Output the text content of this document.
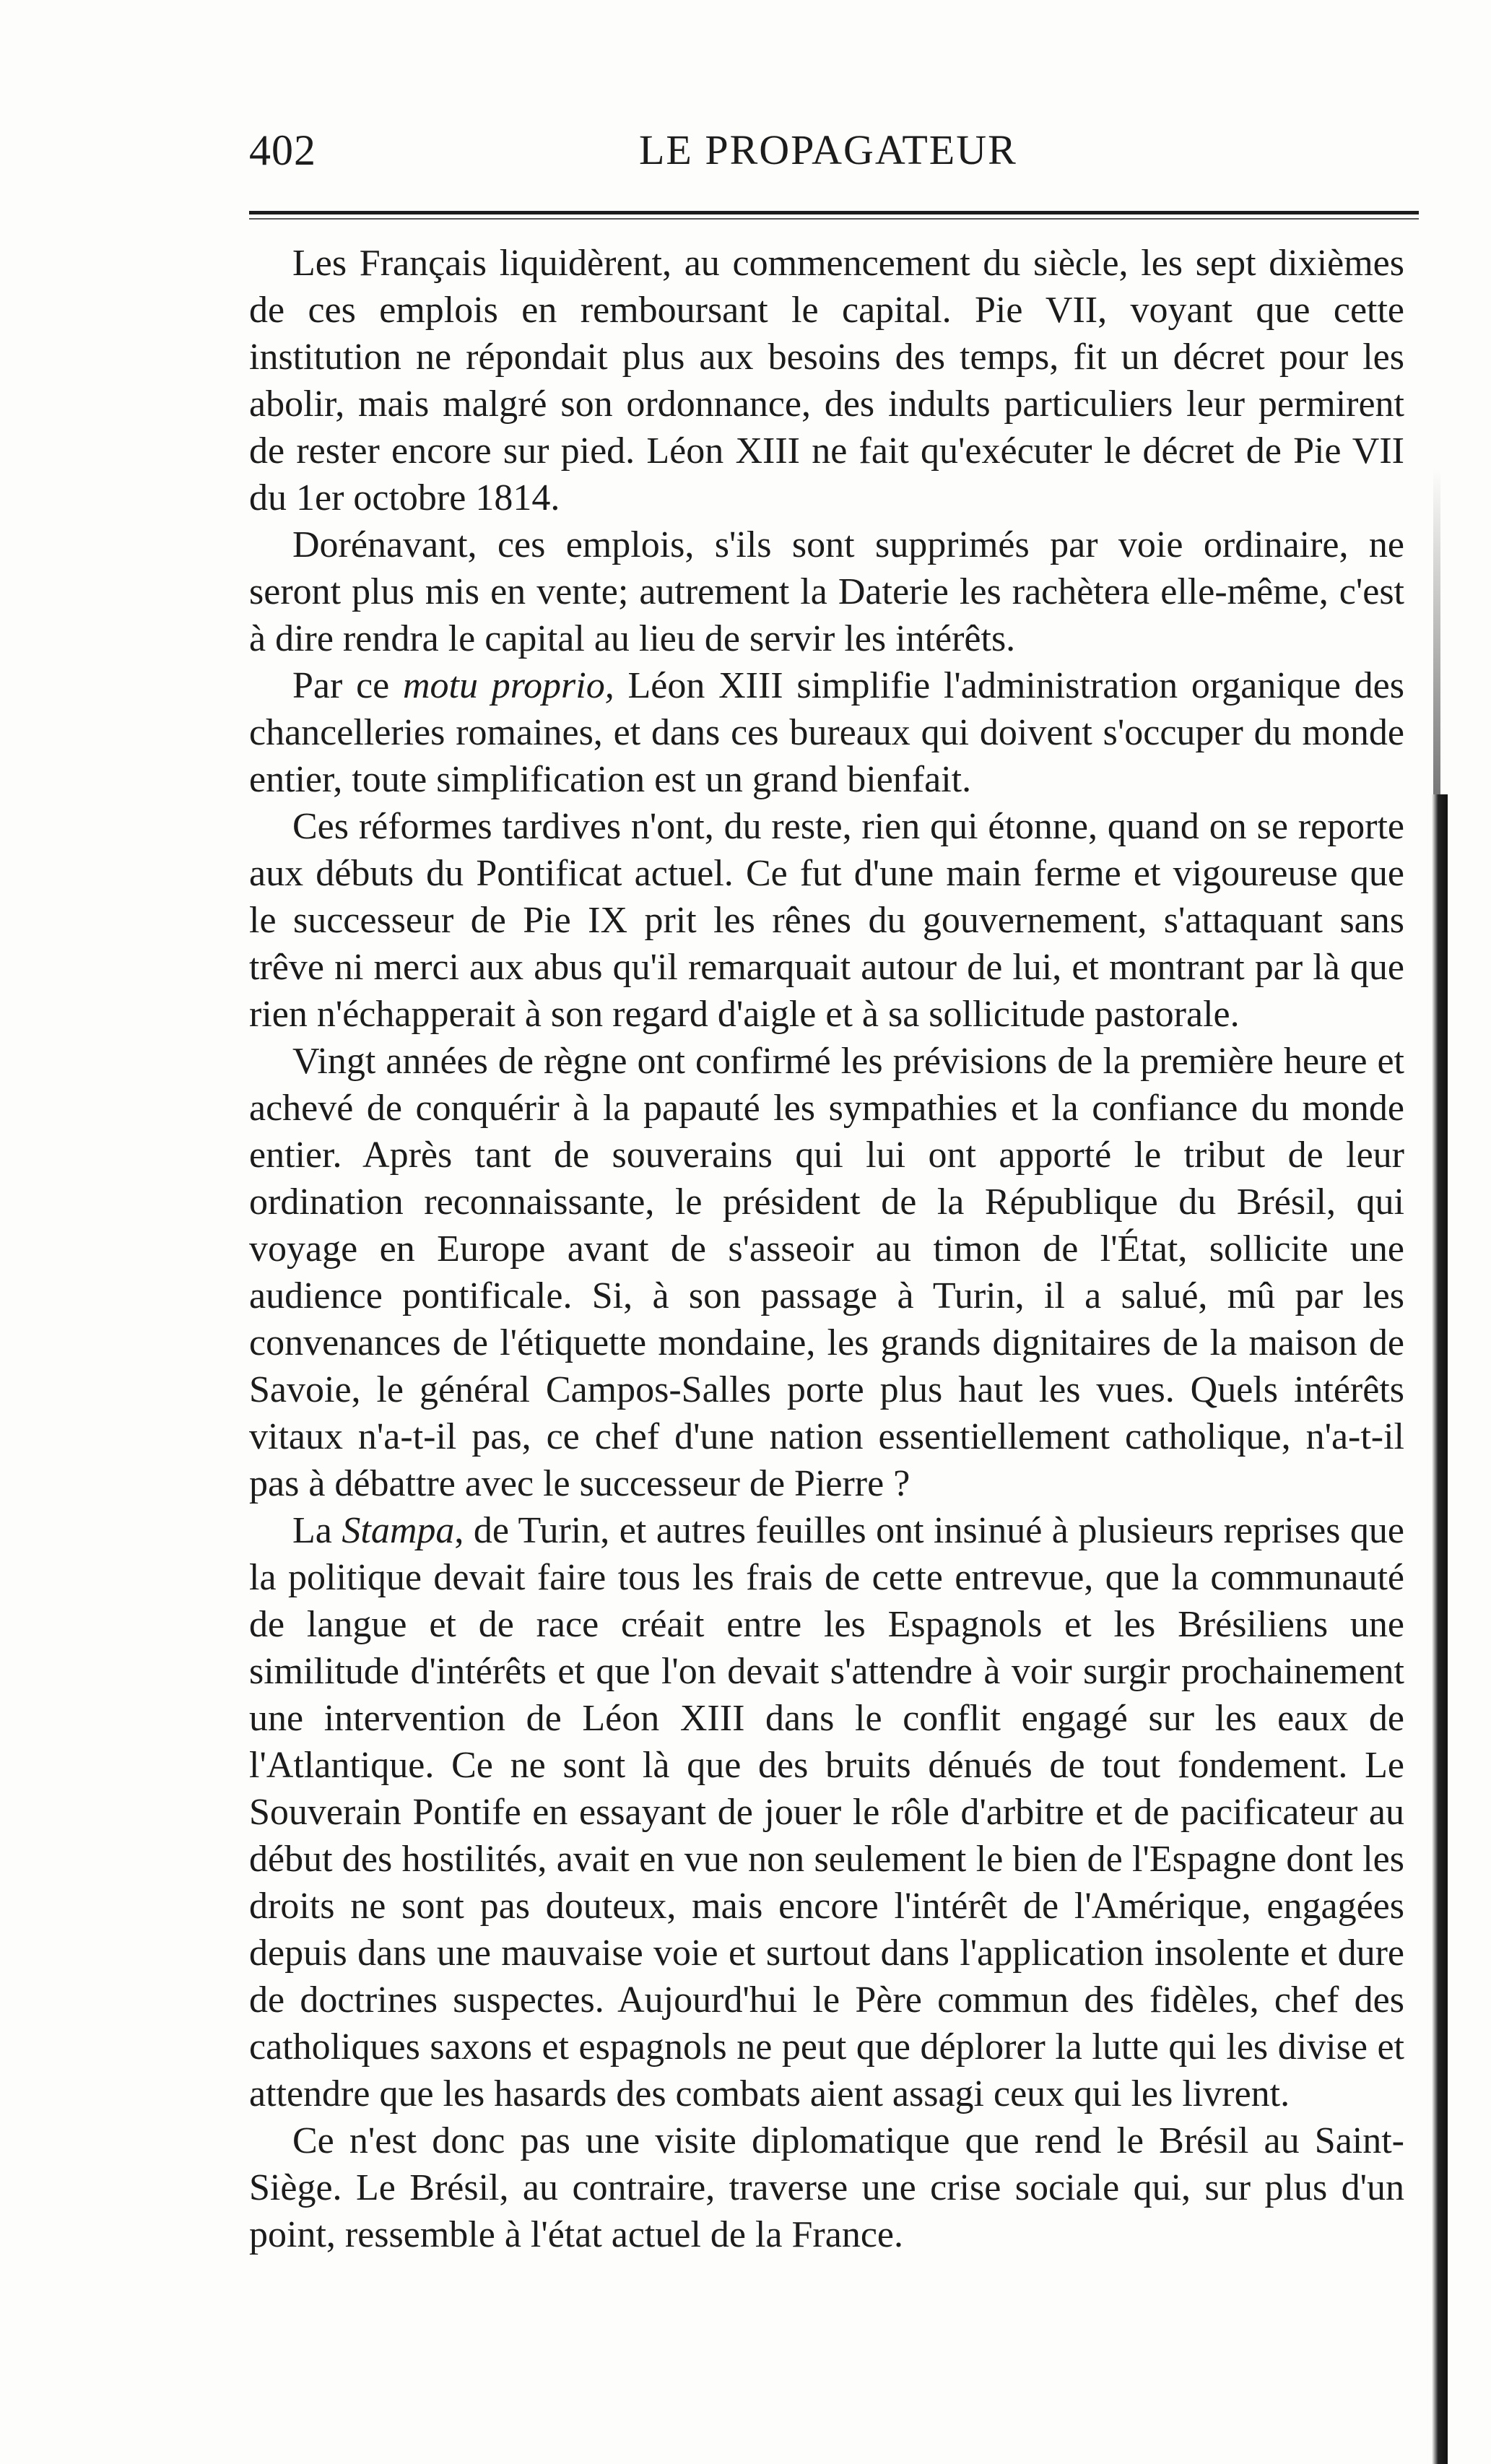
402	LE PROPAGATEUR

Les Français liquidèrent, au commencement du siècle, les sept dixièmes de ces emplois en remboursant le capital. Pie VII, voyant que cette institution ne répondait plus aux besoins des temps, fit un décret pour les abolir, mais malgré son ordonnance, des indults particuliers leur permirent de rester encore sur pied. Léon XIII ne fait qu'exécuter le décret de Pie VII du 1er octobre 1814.

Dorénavant, ces emplois, s'ils sont supprimés par voie ordinaire, ne seront plus mis en vente; autrement la Daterie les rachètera elle-même, c'est à dire rendra le capital au lieu de servir les intérêts.

Par ce motu proprio, Léon XIII simplifie l'administration organique des chancelleries romaines, et dans ces bureaux qui doivent s'occuper du monde entier, toute simplification est un grand bienfait.

Ces réformes tardives n'ont, du reste, rien qui étonne, quand on se reporte aux débuts du Pontificat actuel. Ce fut d'une main ferme et vigoureuse que le successeur de Pie IX prit les rênes du gouvernement, s'attaquant sans trêve ni merci aux abus qu'il remarquait autour de lui, et montrant par là que rien n'échapperait à son regard d'aigle et à sa sollicitude pastorale.

Vingt années de règne ont confirmé les prévisions de la première heure et achevé de conquérir à la papauté les sympathies et la confiance du monde entier. Après tant de souverains qui lui ont apporté le tribut de leur ordination reconnaissante, le président de la République du Brésil, qui voyage en Europe avant de s'asseoir au timon de l'État, sollicite une audience pontificale. Si, à son passage à Turin, il a salué, mû par les convenances de l'étiquette mondaine, les grands dignitaires de la maison de Savoie, le général Campos-Salles porte plus haut les vues. Quels intérêts vitaux n'a-t-il pas, ce chef d'une nation essentiellement catholique, n'a-t-il pas à débattre avec le successeur de Pierre ?

La Stampa, de Turin, et autres feuilles ont insinué à plusieurs reprises que la politique devait faire tous les frais de cette entrevue, que la communauté de langue et de race créait entre les Espagnols et les Brésiliens une similitude d'intérêts et que l'on devait s'attendre à voir surgir prochainement une intervention de Léon XIII dans le conflit engagé sur les eaux de l'Atlantique. Ce ne sont là que des bruits dénués de tout fondement. Le Souverain Pontife en essayant de jouer le rôle d'arbitre et de pacificateur au début des hostilités, avait en vue non seulement le bien de l'Espagne dont les droits ne sont pas douteux, mais encore l'intérêt de l'Amérique, engagées depuis dans une mauvaise voie et surtout dans l'application insolente et dure de doctrines suspectes. Aujourd'hui le Père commun des fidèles, chef des catholiques saxons et espagnols ne peut que déplorer la lutte qui les divise et attendre que les hasards des combats aient assagi ceux qui les livrent.

Ce n'est donc pas une visite diplomatique que rend le Brésil au Saint-Siège. Le Brésil, au contraire, traverse une crise sociale qui, sur plus d'un point, ressemble à l'état actuel de la France.
